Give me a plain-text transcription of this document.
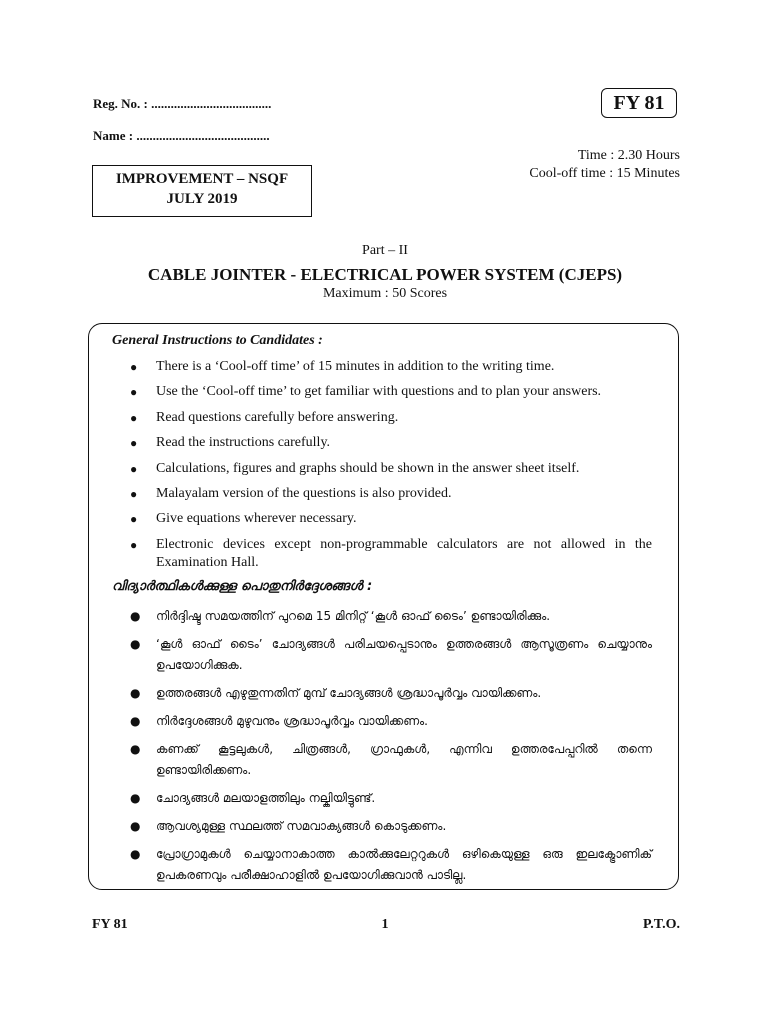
Reg. No. : .....................................
Name : .........................................
FY 81
Time : 2.30 Hours
Cool-off time : 15 Minutes
IMPROVEMENT – NSQF
JULY 2019
Part – II
CABLE JOINTER - ELECTRICAL POWER SYSTEM (CJEPS)
Maximum : 50 Scores
General Instructions to Candidates :
● There is a ‘Cool-off time’ of 15 minutes in addition to the writing time.
● Use the ‘Cool-off time’ to get familiar with questions and to plan your answers.
● Read questions carefully before answering.
● Read the instructions carefully.
● Calculations, figures and graphs should be shown in the answer sheet itself.
● Malayalam version of the questions is also provided.
● Give equations wherever necessary.
● Electronic devices except non-programmable calculators are not allowed in the Examination Hall.
വിദ്യാർത്ഥികൾക്കുള്ള പൊതുനിർദ്ദേശങ്ങൾ :
● നിർദ്ദിഷ്ട സമയത്തിന് പുറമെ 15 മിനിറ്റ് ‘കൂൾ ഓഫ് ടൈം’ ഉണ്ടായിരിക്കും.
● ‘കൂൾ ഓഫ് ടൈം’ ചോദ്യങ്ങൾ പരിചയപ്പെടാനും ഉത്തരങ്ങൾ ആസൂത്രണം ചെയ്യാനും ഉപയോഗിക്കുക.
● ഉത്തരങ്ങൾ എഴുതുന്നതിന് മുമ്പ് ചോദ്യങ്ങൾ ശ്രദ്ധാപൂർവ്വം വായിക്കണം.
● നിർദ്ദേശങ്ങൾ മുഴുവനും ശ്രദ്ധാപൂർവ്വം വായിക്കണം.
● കണക്ക് കൂട്ടലുകൾ, ചിത്രങ്ങൾ, ഗ്രാഫുകൾ, എന്നിവ ഉത്തരപേപ്പറിൽ തന്നെ ഉണ്ടായിരിക്കണം.
● ചോദ്യങ്ങൾ മലയാളത്തിലും നല്കിയിട്ടുണ്ട്.
● ആവശ്യമുള്ള സ്ഥലത്ത് സമവാക്യങ്ങൾ കൊടുക്കണം.
● പ്രോഗ്രാമുകൾ ചെയ്യാനാകാത്ത കാൽക്കുലേറ്ററുകൾ ഒഴികെയുള്ള ഒരു ഇലക്ട്രോണിക് ഉപകരണവും പരീക്ഷാഹാളിൽ ഉപയോഗിക്കുവാൻ പാടില്ല.
FY 81	1	P.T.O.
